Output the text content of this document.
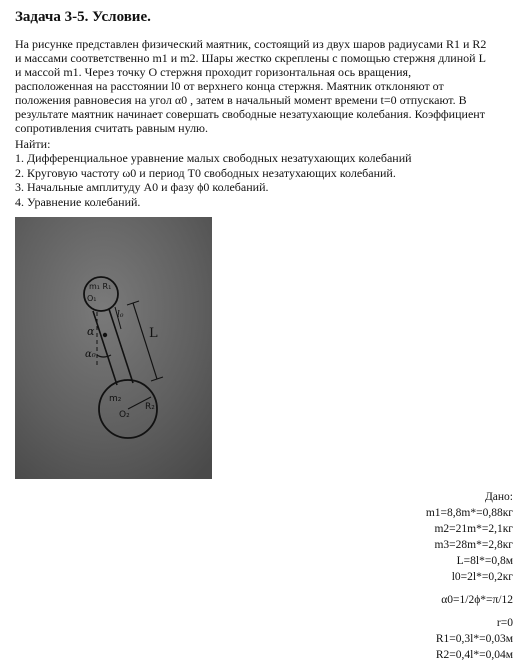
Задача 3-5. Условие.
На рисунке представлен физический маятник, состоящий из двух шаров радиусами R1 и R2
и массами соответственно m1 и m2. Шары жестко скреплены с помощью стержня длиной L
и массой m1. Через точку O стержня проходит горизонтальная ось вращения,
расположенная на расстоянии l0 от верхнего конца стержня. Маятник отклоняют от
положения равновесия на угол α0 , затем в начальный момент времени t=0 отпускают. В
результате маятник начинает совершать свободные незатухающие колебания. Коэффициент
сопротивления считать равным нулю.
Найти:
1. Дифференциальное уравнение малых свободных незатухающих колебаний
2. Круговую частоту ω0 и период T0 свободных незатухающих колебаний.
3. Начальные амплитуду A0 и фазу ϕ0 колебаний.
4. Уравнение колебаний.
m₁ R₁
O₁
α
α₀
l₀
L
m₂
O₂
R₂
Дано:
m1=8,8m*=0,88кг
m2=21m*=2,1кг
m3=28m*=2,8кг
L=8l*=0,8м
l0=2l*=0,2кг
α0=1/2ϕ*=π/12
r=0
R1=0,3l*=0,03м
R2=0,4l*=0,04м
